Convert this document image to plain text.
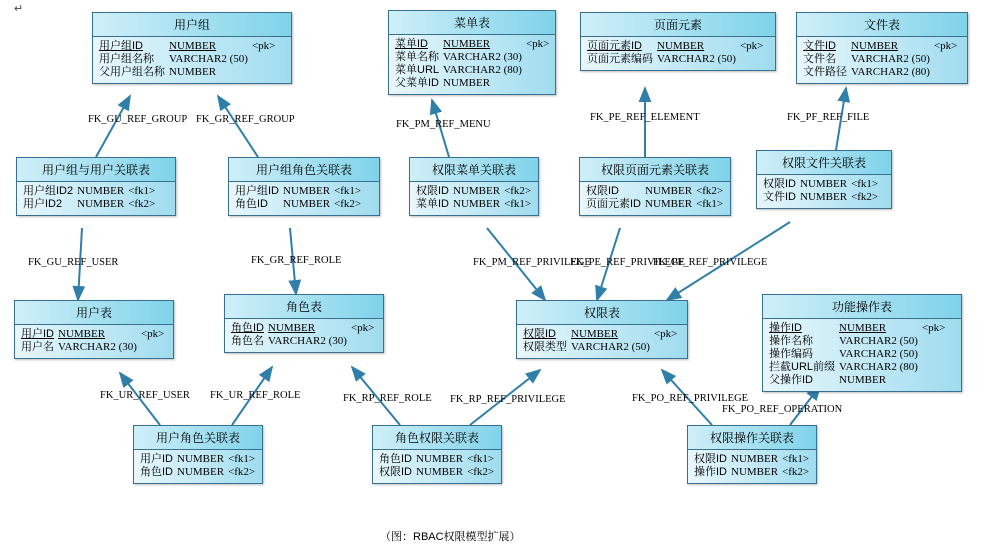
↵
用户组
用户组ID	NUMBER	<pk>
用户组名称	VARCHAR2 (50)	
父用户组名称	NUMBER	
菜单表
菜单ID	NUMBER	<pk>
菜单名称	VARCHAR2 (30)	
菜单URL	VARCHAR2 (80)	
父菜单ID	NUMBER	
页面元素
页面元素ID	NUMBER	<pk>
页面元素编码	VARCHAR2 (50)	
文件表
文件ID	NUMBER	<pk>
文件名	VARCHAR2 (50)	
文件路径	VARCHAR2 (80)	
用户组与用户关联表
用户组ID2	NUMBER	<fk1>
用户ID2	NUMBER	<fk2>
用户组角色关联表
用户组ID	NUMBER	<fk1>
角色ID	NUMBER	<fk2>
权限菜单关联表
权限ID	NUMBER	<fk2>
菜单ID	NUMBER	<fk1>
权限页面元素关联表
权限ID	NUMBER	<fk2>
页面元素ID	NUMBER	<fk1>
权限文件关联表
权限ID	NUMBER	<fk1>
文件ID	NUMBER	<fk2>
用户表
用户ID	NUMBER	<pk>
用户名	VARCHAR2 (30)	
角色表
角色ID	NUMBER	<pk>
角色名	VARCHAR2 (30)	
权限表
权限ID	NUMBER	<pk>
权限类型	VARCHAR2 (50)	
功能操作表
操作ID	NUMBER	<pk>
操作名称	VARCHAR2 (50)	
操作编码	VARCHAR2 (50)	
拦截URL前缀	VARCHAR2 (80)	
父操作ID	NUMBER	
用户角色关联表
用户ID	NUMBER	<fk1>
角色ID	NUMBER	<fk2>
角色权限关联表
角色ID	NUMBER	<fk1>
权限ID	NUMBER	<fk2>
权限操作关联表
权限ID	NUMBER	<fk1>
操作ID	NUMBER	<fk2>
FK_GU_REF_GROUP FK_GR_REF_GROUP	FK_PM_REF_MENU
FK_PE_REF_ELEMENT	FK_PF_REF_FILE
FK_GU_REF_USER	FK_GR_REF_ROLE	FK_PM_REF_PRIVILEGE
FK_PE_REF_PRIVILEGE
FK_PF_REF_PRIVILEGE
FK_UR_REF_USER FK_UR_REF_ROLE	FK_RP_REF_ROLE FK_RP_REF_PRIVILEGE	FK_PO_REF_PRIVILEGE
FK_PO_REF_OPERATION
（图：RBAC权限模型扩展）
